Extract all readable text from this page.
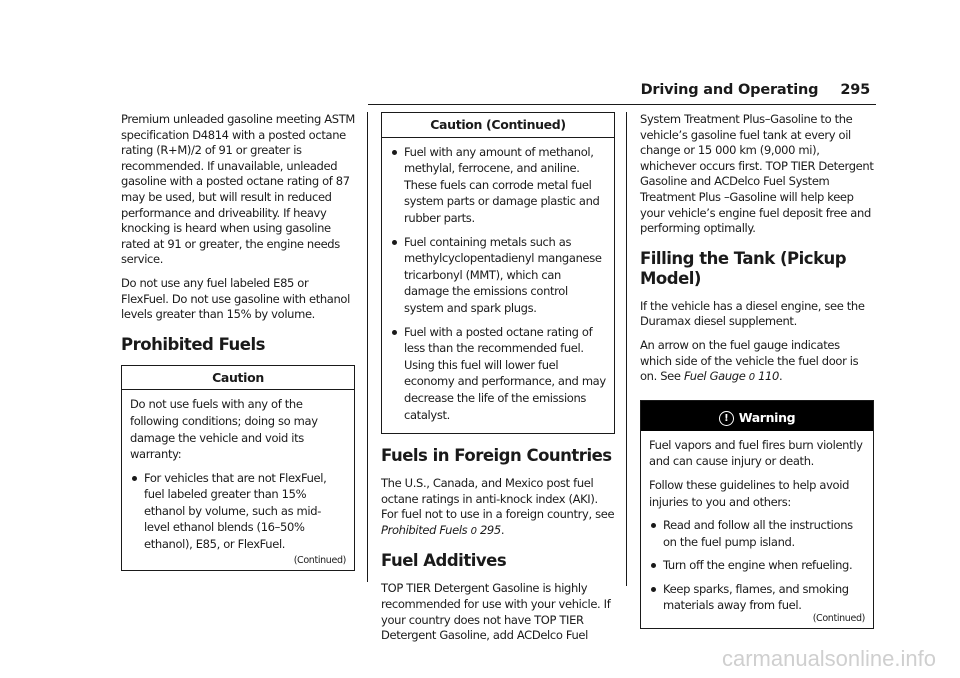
Driving and Operating 295

Premium unleaded gasoline meeting ASTM specification D4814 with a posted octane rating (R+M)/2 of 91 or greater is recommended. If unavailable, unleaded gasoline with a posted octane rating of 87 may be used, but will result in reduced performance and driveability. If heavy knocking is heard when using gasoline rated at 91 or greater, the engine needs service.

Do not use any fuel labeled E85 or FlexFuel. Do not use gasoline with ethanol levels greater than 15% by volume.

Prohibited Fuels
Caution

Do not use fuels with any of the following conditions; doing so may damage the vehicle and void its warranty:

For vehicles that are not FlexFuel, fuel labeled greater than 15% ethanol by volume, such as mid-level ethanol blends (16–50% ethanol), E85, or FlexFuel.
(Continued)
Caution (Continued)
Fuel with any amount of methanol, methylal, ferrocene, and aniline. These fuels can corrode metal fuel system parts or damage plastic and rubber parts.
Fuel containing metals such as methylcyclopentadienyl manganese tricarbonyl (MMT), which can damage the emissions control system and spark plugs.
Fuel with a posted octane rating of less than the recommended fuel. Using this fuel will lower fuel economy and performance, and may decrease the life of the emissions catalyst.
Fuels in Foreign Countries

The U.S., Canada, and Mexico post fuel octane ratings in anti-knock index (AKI). For fuel not to use in a foreign country, see Prohibited Fuels 0 295.

Fuel Additives

TOP TIER Detergent Gasoline is highly recommended for use with your vehicle. If your country does not have TOP TIER Detergent Gasoline, add ACDelco Fuel

System Treatment Plus–Gasoline to the vehicle’s gasoline fuel tank at every oil change or 15 000 km (9,000 mi), whichever occurs first. TOP TIER Detergent Gasoline and ACDelco Fuel System Treatment Plus –Gasoline will help keep your vehicle’s engine fuel deposit free and performing optimally.

Filling the Tank (Pickup Model)

If the vehicle has a diesel engine, see the Duramax diesel supplement.

An arrow on the fuel gauge indicates which side of the vehicle the fuel door is on. See Fuel Gauge 0 110.

! Warning

Fuel vapors and fuel fires burn violently and can cause injury or death.

Follow these guidelines to help avoid injuries to you and others:

Read and follow all the instructions on the fuel pump island.
Turn off the engine when refueling.
Keep sparks, flames, and smoking materials away from fuel.
(Continued)
carmanualsonline.info
